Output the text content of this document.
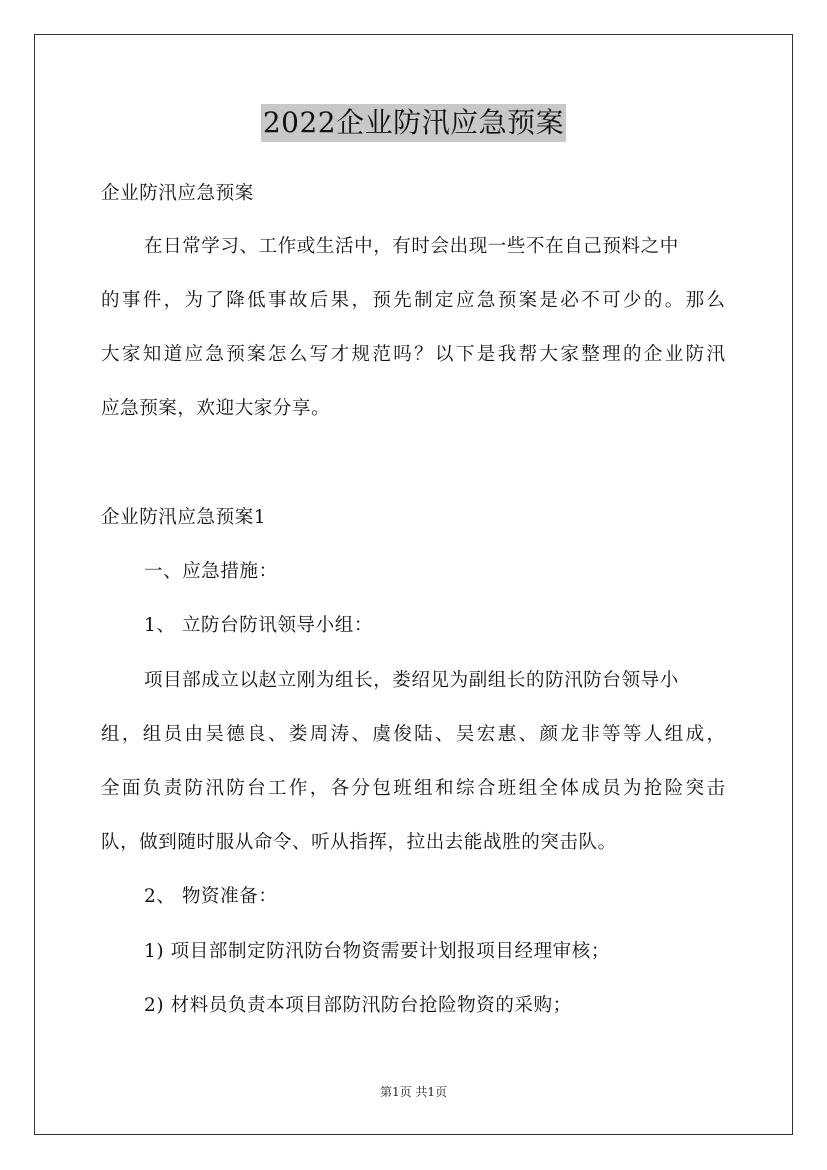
2022企业防汛应急预案
企业防汛应急预案
在日常学习、工作或生活中，有时会出现一些不在自己预料之中
的事件，为了降低事故后果，预先制定应急预案是必不可少的。那么
大家知道应急预案怎么写才规范吗？以下是我帮大家整理的企业防汛
应急预案，欢迎大家分享。
企业防汛应急预案1
一、应急措施：
1、 立防台防讯领导小组：
项目部成立以赵立刚为组长，娄绍见为副组长的防汛防台领导小
组，组员由吴德良、娄周涛、虞俊陆、吴宏惠、颜龙非等等人组成，
全面负责防汛防台工作，各分包班组和综合班组全体成员为抢险突击
队，做到随时服从命令、听从指挥，拉出去能战胜的突击队。
2、 物资准备：
1) 项目部制定防汛防台物资需要计划报项目经理审核；
2) 材料员负责本项目部防汛防台抢险物资的采购；
第1页 共1页
